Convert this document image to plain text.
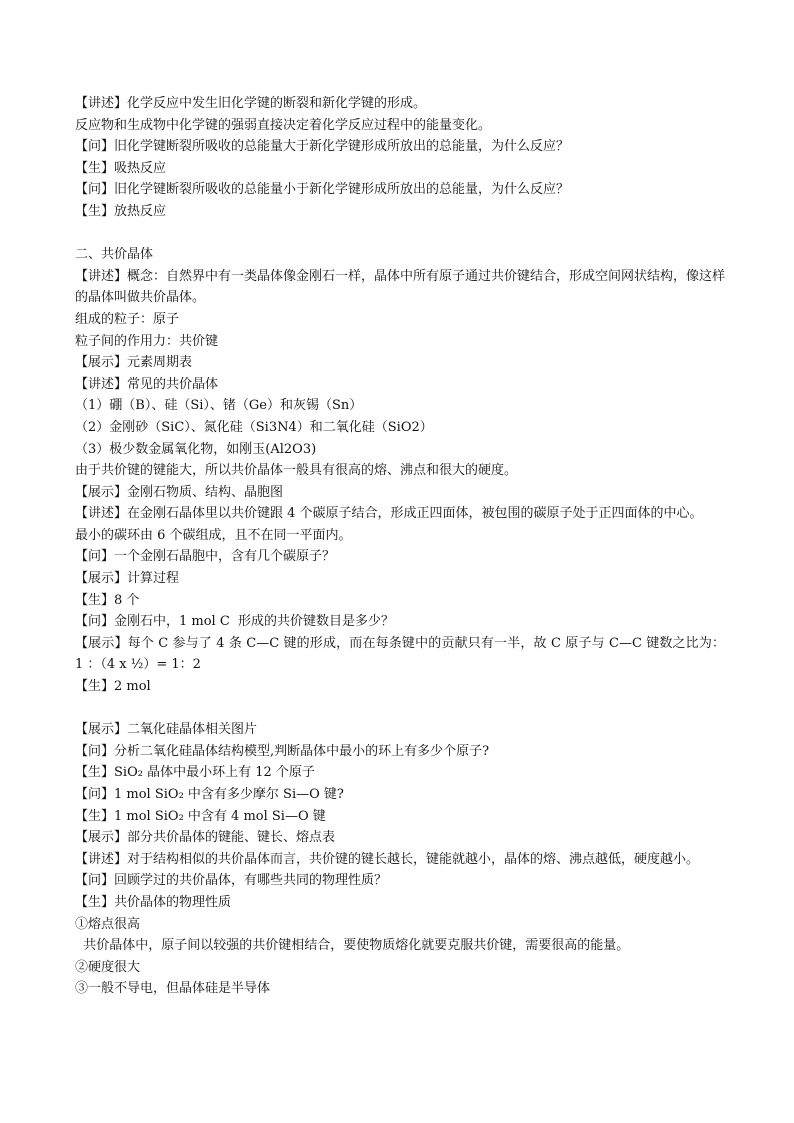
【讲述】化学反应中发生旧化学键的断裂和新化学键的形成。

反应物和生成物中化学键的强弱直接决定着化学反应过程中的能量变化。

【问】旧化学键断裂所吸收的总能量大于新化学键形成所放出的总能量，为什么反应？

【生】吸热反应

【问】旧化学键断裂所吸收的总能量小于新化学键形成所放出的总能量，为什么反应？

【生】放热反应

二、共价晶体

【讲述】概念：自然界中有一类晶体像金刚石一样，晶体中所有原子通过共价键结合，形成空间网状结构，像这样的晶体叫做共价晶体。

组成的粒子：原子

粒子间的作用力：共价键

【展示】元素周期表

【讲述】常见的共价晶体

（1）硼（B）、硅（Si）、锗（Ge）和灰锡（Sn）

（2）金刚砂（SiC）、氮化硅（Si3N4）和二氧化硅（SiO2）

（3）极少数金属氧化物，如刚玉(Al2O3)

由于共价键的键能大，所以共价晶体一般具有很高的熔、沸点和很大的硬度。

【展示】金刚石物质、结构、晶胞图

【讲述】在金刚石晶体里以共价键跟 4 个碳原子结合，形成正四面体，被包围的碳原子处于正四面体的中心。

最小的碳环由 6 个碳组成，且不在同一平面内。

【问】一个金刚石晶胞中，含有几个碳原子？

【展示】计算过程

【生】8 个

【问】金刚石中，1 mol C  形成的共价键数目是多少？

【展示】每个 C 参与了 4 条 C—C 键的形成，而在每条键中的贡献只有一半，故 C 原子与 C—C 键数之比为：1 ：（4 x ½）= 1：2

【生】2 mol

【展示】二氧化硅晶体相关图片

【问】分析二氧化硅晶体结构模型,判断晶体中最小的环上有多少个原子?

【生】SiO₂ 晶体中最小环上有 12 个原子

【问】1 mol SiO₂ 中含有多少摩尔 Si—O 键?

【生】1 mol SiO₂ 中含有 4 mol Si—O 键

【展示】部分共价晶体的键能、键长、熔点表

【讲述】对于结构相似的共价晶体而言，共价键的键长越长，键能就越小，晶体的熔、沸点越低，硬度越小。

【问】回顾学过的共价晶体，有哪些共同的物理性质？

【生】共价晶体的物理性质

①熔点很高

共价晶体中，原子间以较强的共价键相结合，要使物质熔化就要克服共价键，需要很高的能量。

②硬度很大

③一般不导电，但晶体硅是半导体
